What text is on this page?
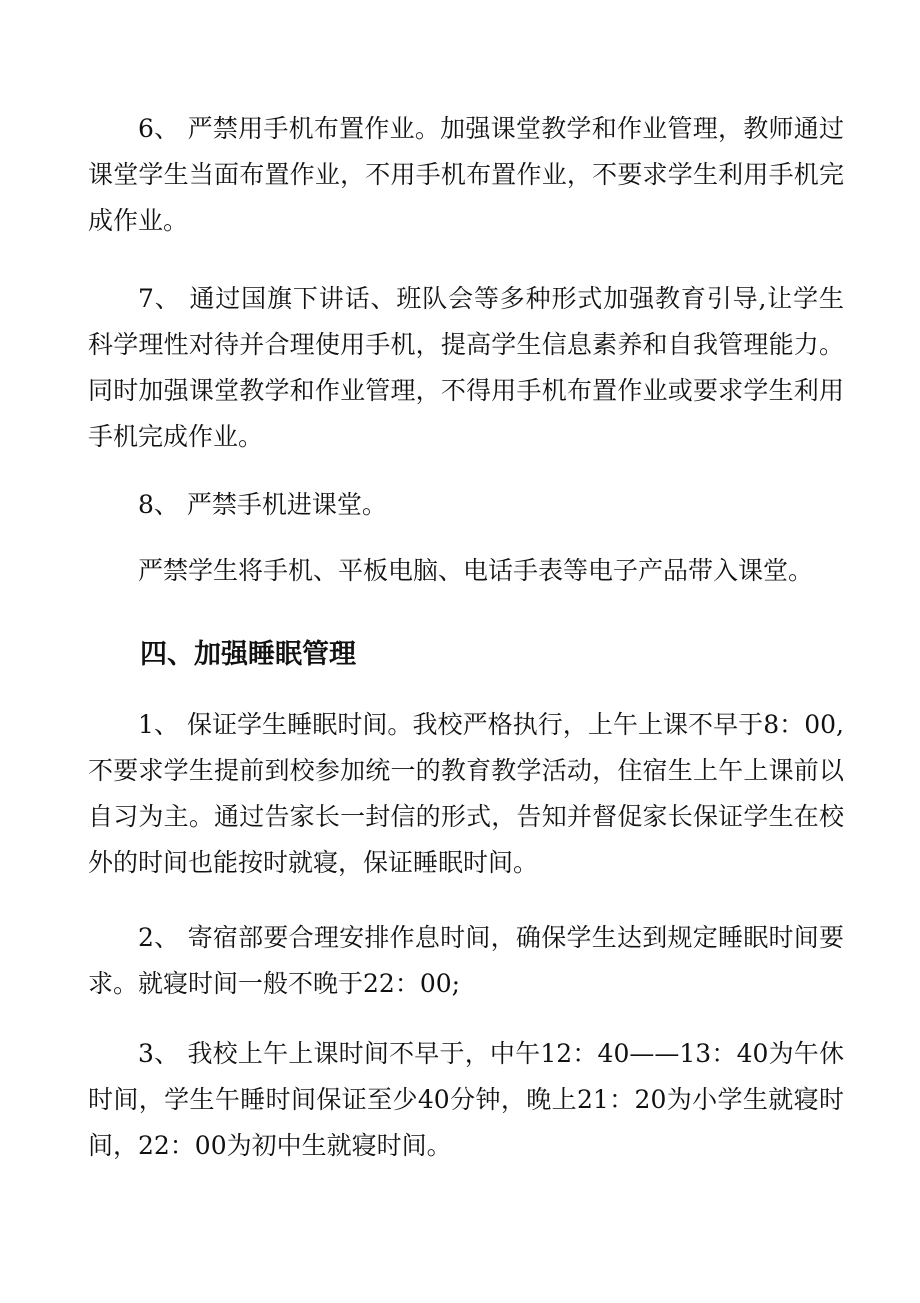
6、 严禁用手机布置作业。加强课堂教学和作业管理，教师通过课堂学生当面布置作业，不用手机布置作业，不要求学生利用手机完成作业。

7、 通过国旗下讲话、班队会等多种形式加强教育引导,让学生科学理性对待并合理使用手机，提高学生信息素养和自我管理能力。同时加强课堂教学和作业管理，不得用手机布置作业或要求学生利用手机完成作业。

8、 严禁手机进课堂。

严禁学生将手机、平板电脑、电话手表等电子产品带入课堂。

四、加强睡眠管理

1、 保证学生睡眠时间。我校严格执行，上午上课不早于8：00,不要求学生提前到校参加统一的教育教学活动，住宿生上午上课前以自习为主。通过告家长一封信的形式，告知并督促家长保证学生在校外的时间也能按时就寝，保证睡眠时间。

2、 寄宿部要合理安排作息时间，确保学生达到规定睡眠时间要求。就寝时间一般不晚于22：00;

3、 我校上午上课时间不早于，中午12：40——13：40为午休时间，学生午睡时间保证至少40分钟，晚上21：20为小学生就寝时间，22：00为初中生就寝时间。
